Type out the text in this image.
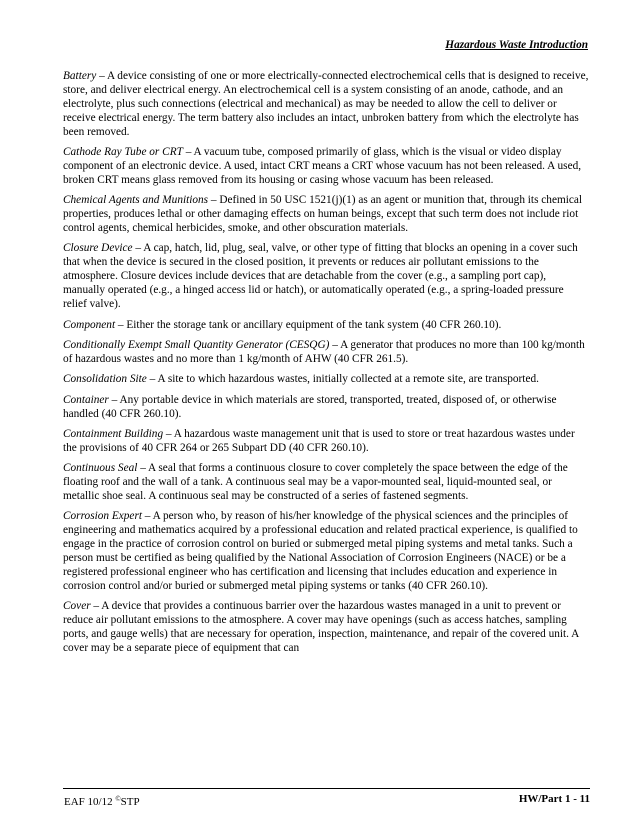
Hazardous Waste Introduction

Battery – A device consisting of one or more electrically-connected electrochemical cells that is designed to receive, store, and deliver electrical energy. An electrochemical cell is a system consisting of an anode, cathode, and an electrolyte, plus such connections (electrical and mechanical) as may be needed to allow the cell to deliver or receive electrical energy. The term battery also includes an intact, unbroken battery from which the electrolyte has been removed.

Cathode Ray Tube or CRT – A vacuum tube, composed primarily of glass, which is the visual or video display component of an electronic device. A used, intact CRT means a CRT whose vacuum has not been released. A used, broken CRT means glass removed from its housing or casing whose vacuum has been released.

Chemical Agents and Munitions – Defined in 50 USC 1521(j)(1) as an agent or munition that, through its chemical properties, produces lethal or other damaging effects on human beings, except that such term does not include riot control agents, chemical herbicides, smoke, and other obscuration materials.

Closure Device – A cap, hatch, lid, plug, seal, valve, or other type of fitting that blocks an opening in a cover such that when the device is secured in the closed position, it prevents or reduces air pollutant emissions to the atmosphere. Closure devices include devices that are detachable from the cover (e.g., a sampling port cap), manually operated (e.g., a hinged access lid or hatch), or automatically operated (e.g., a spring-loaded pressure relief valve).

Component – Either the storage tank or ancillary equipment of the tank system (40 CFR 260.10).

Conditionally Exempt Small Quantity Generator (CESQG) – A generator that produces no more than 100 kg/month of hazardous wastes and no more than 1 kg/month of AHW (40 CFR 261.5).

Consolidation Site – A site to which hazardous wastes, initially collected at a remote site, are transported.

Container – Any portable device in which materials are stored, transported, treated, disposed of, or otherwise handled (40 CFR 260.10).

Containment Building – A hazardous waste management unit that is used to store or treat hazardous wastes under the provisions of 40 CFR 264 or 265 Subpart DD (40 CFR 260.10).

Continuous Seal – A seal that forms a continuous closure to cover completely the space between the edge of the floating roof and the wall of a tank. A continuous seal may be a vapor-mounted seal, liquid-mounted seal, or metallic shoe seal. A continuous seal may be constructed of a series of fastened segments.

Corrosion Expert – A person who, by reason of his/her knowledge of the physical sciences and the principles of engineering and mathematics acquired by a professional education and related practical experience, is qualified to engage in the practice of corrosion control on buried or submerged metal piping systems and metal tanks. Such a person must be certified as being qualified by the National Association of Corrosion Engineers (NACE) or be a registered professional engineer who has certification and licensing that includes education and experience in corrosion control and/or buried or submerged metal piping systems or tanks (40 CFR 260.10).

Cover – A device that provides a continuous barrier over the hazardous wastes managed in a unit to prevent or reduce air pollutant emissions to the atmosphere. A cover may have openings (such as access hatches, sampling ports, and gauge wells) that are necessary for operation, inspection, maintenance, and repair of the covered unit. A cover may be a separate piece of equipment that can

EAF 10/12 ©STP	HW/Part 1 - 11
